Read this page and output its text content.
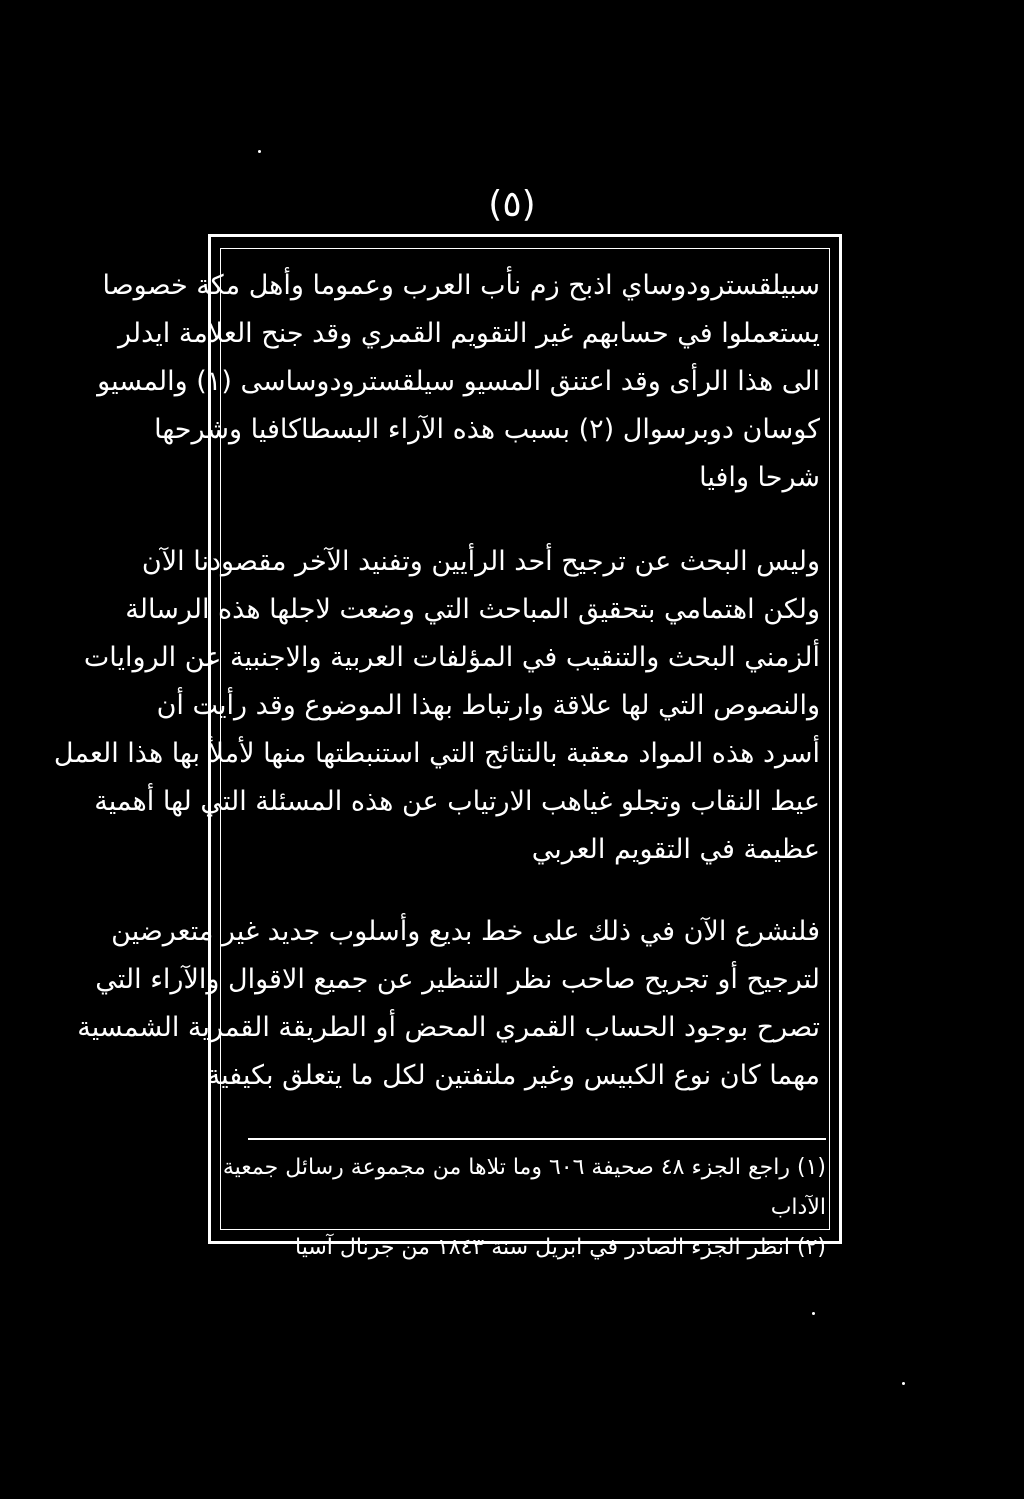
(٥)
سبيلقسترودوساي اذبح زم نأب العرب وعموما وأهل مكة خصوصا
يستعملوا في حسابهم غير التقويم القمري وقد جنح العلامة ايدلر
الى هذا الرأى وقد اعتنق المسيو سيلقسترودوساسى (١) والمسيو
كوسان دوبرسوال (٢) بسبب هذه الآراء البسطاكافيا وشرحها
شرحا وافيا
وليس البحث عن ترجيح أحد الرأيين وتفنيد الآخر مقصودنا الآن
ولكن اهتمامي بتحقيق المباحث التي وضعت لاجلها هذه الرسالة
ألزمني البحث والتنقيب في المؤلفات العربية والاجنبية عن الروايات
والنصوص التي لها علاقة وارتباط بهذا الموضوع وقد رأيت أن
أسرد هذه المواد معقبة بالنتائج التي استنبطتها منها لأملأ بها هذا العمل
عيط النقاب وتجلو غياهب الارتياب عن هذه المسئلة التي لها أهمية
عظيمة في التقويم العربي
فلنشرع الآن في ذلك على خط بديع وأسلوب جديد غير متعرضين
لترجيح أو تجريح صاحب نظر التنظير عن جميع الاقوال والآراء التي
تصرح بوجود الحساب القمري المحض أو الطريقة القمرية الشمسية
مهما كان نوع الكبيس وغير ملتفتين لكل ما يتعلق بكيفية
(١) راجع الجزء ٤٨ صحيفة ٦٠٦ وما تلاها من مجموعة رسائل جمعية
الآداب
(٢) انظر الجزء الصادر في ابريل سنة ١٨٤٣ من جرنال آسيا
